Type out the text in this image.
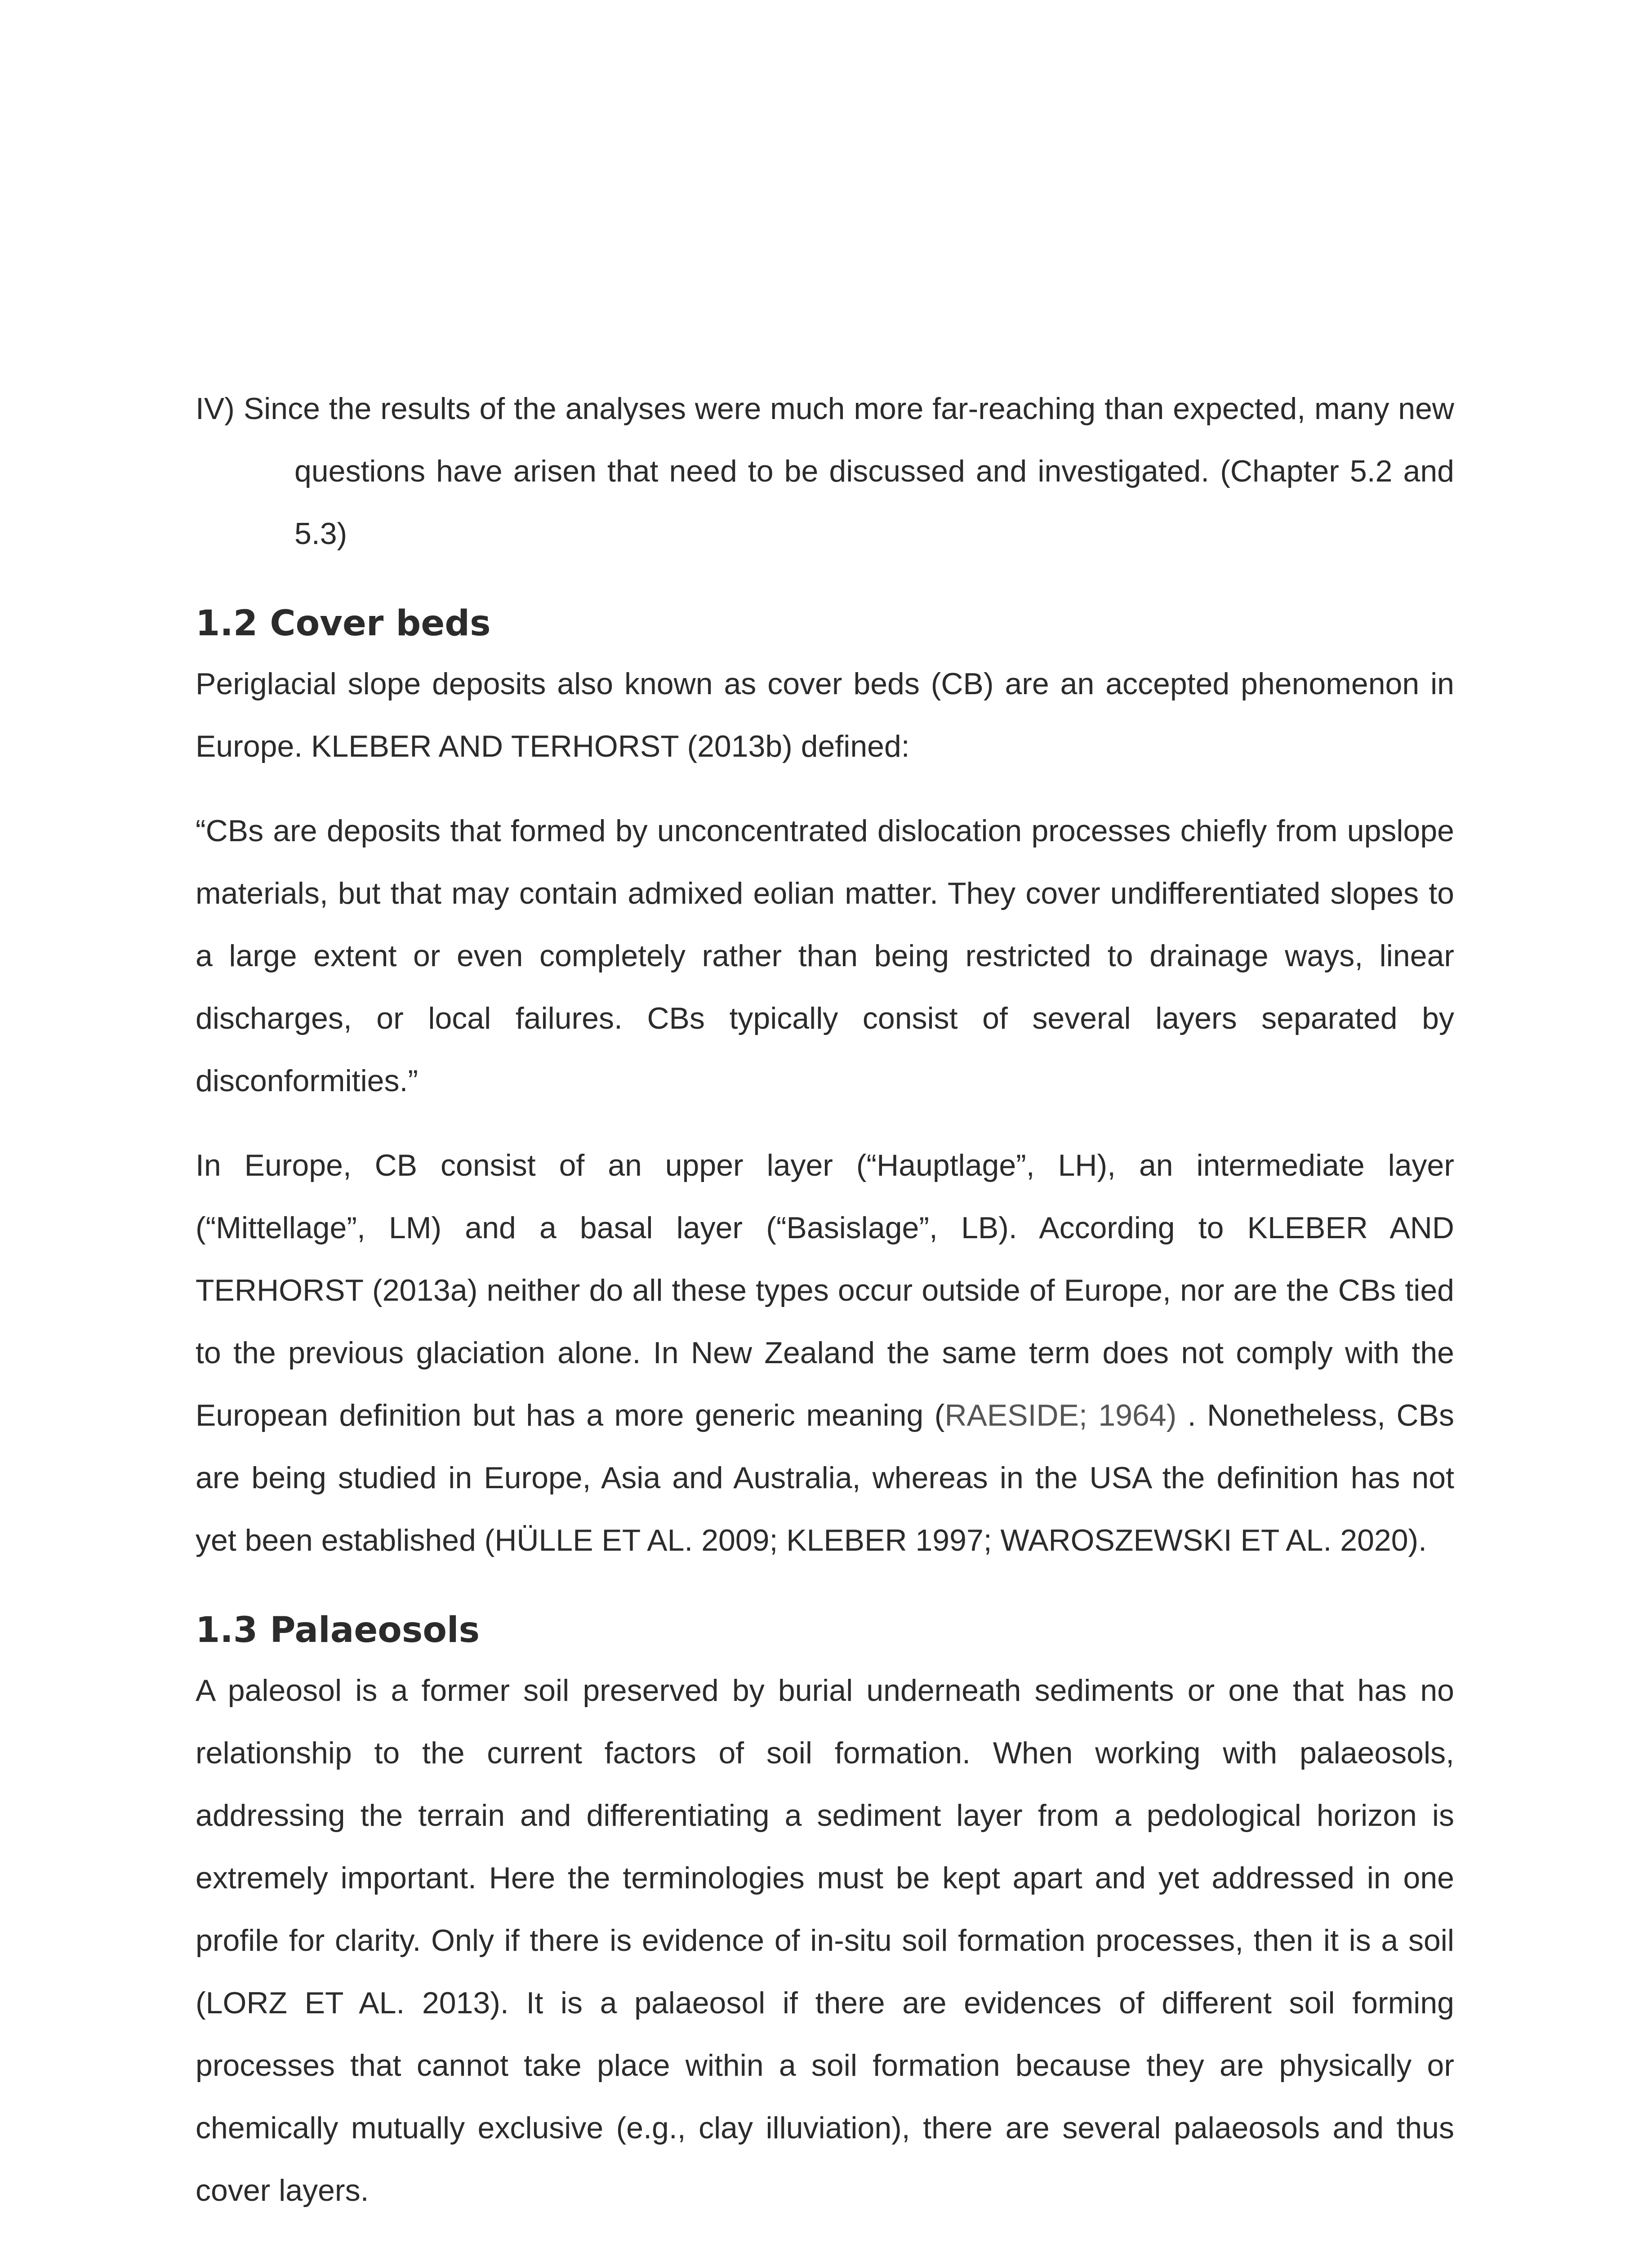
IV) Since the results of the analyses were much more far-reaching than expected, many new questions have arisen that need to be discussed and investigated. (Chapter 5.2 and 5.3)

1.2 Cover beds

Periglacial slope deposits also known as cover beds (CB) are an accepted phenomenon in Europe. KLEBER AND TERHORST (2013b) defined:

“CBs are deposits that formed by unconcentrated dislocation processes chiefly from upslope materials, but that may contain admixed eolian matter. They cover undifferentiated slopes to a large extent or even completely rather than being restricted to drainage ways, linear discharges, or local failures. CBs typically consist of several layers separated by disconformities.”

In Europe, CB consist of an upper layer (“Hauptlage”, LH), an intermediate layer (“Mittellage”, LM) and a basal layer (“Basislage”, LB). According to KLEBER AND TERHORST (2013a) neither do all these types occur outside of Europe, nor are the CBs tied to the previous glaciation alone. In New Zealand the same term does not comply with the European definition but has a more generic meaning (RAESIDE; 1964) . Nonetheless, CBs are being studied in Europe, Asia and Australia, whereas in the USA the definition has not yet been established (HÜLLE ET AL. 2009; KLEBER 1997; WAROSZEWSKI ET AL. 2020).

1.3 Palaeosols

A paleosol is a former soil preserved by burial underneath sediments or one that has no relationship to the current factors of soil formation. When working with palaeosols, addressing the terrain and differentiating a sediment layer from a pedological horizon is extremely important. Here the terminologies must be kept apart and yet addressed in one profile for clarity. Only if there is evidence of in-situ soil formation processes, then it is a soil (LORZ ET AL. 2013). It is a palaeosol if there are evidences of different soil forming processes that cannot take place within a soil formation because they are physically or chemically mutually exclusive (e.g., clay illuviation), there are several palaeosols and thus cover layers.
